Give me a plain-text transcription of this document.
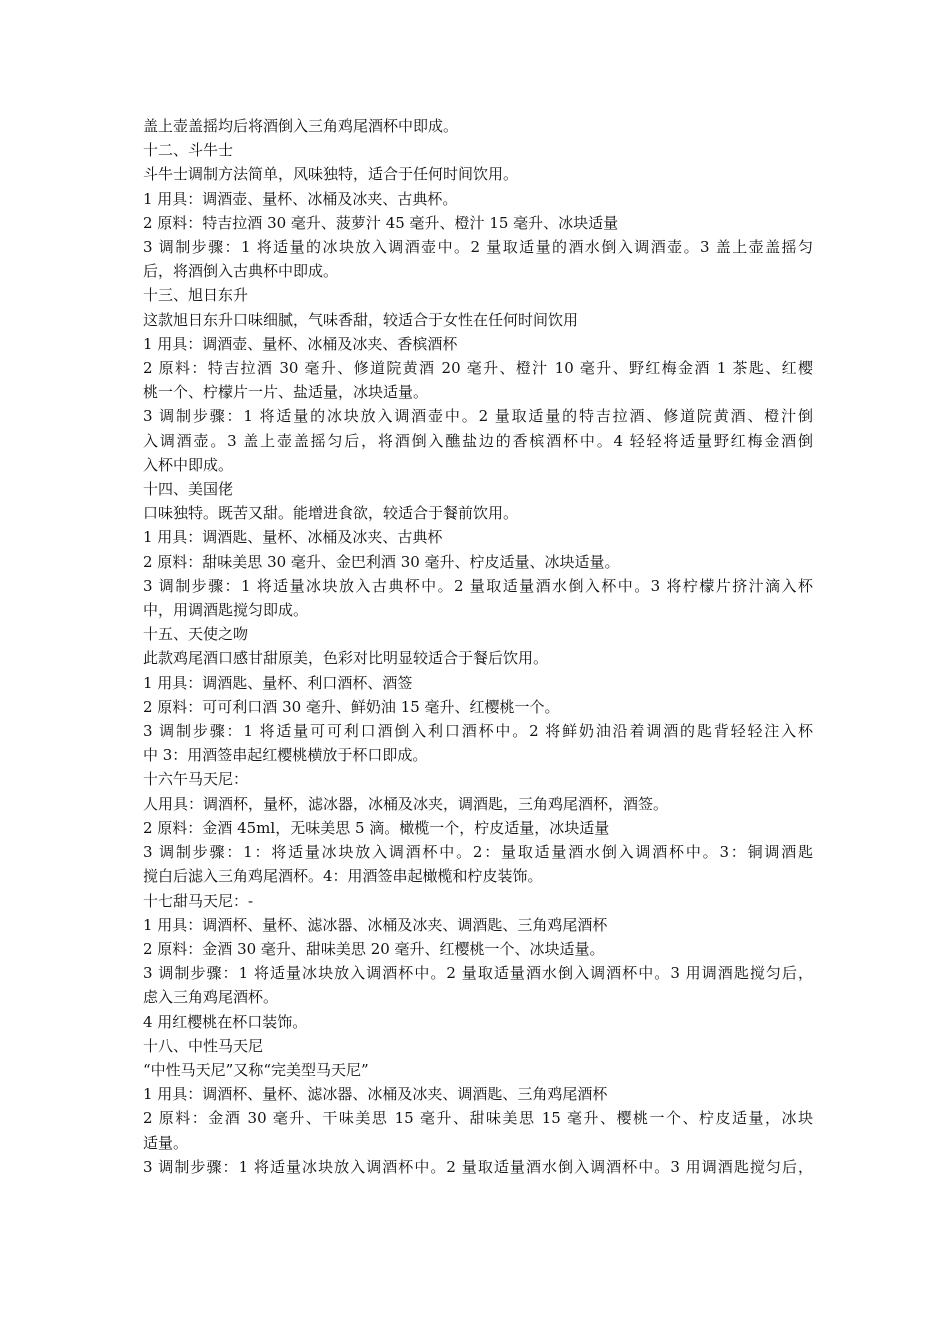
盖上壶盖摇均后将酒倒入三角鸡尾酒杯中即成。
十二、斗牛士
斗牛士调制方法简单，风味独特，适合于任何时间饮用。
1 用具：调酒壶、量杯、冰桶及冰夹、古典杯。
2 原料：特吉拉酒 30 毫升、菠萝汁 45 毫升、橙汁 15 毫升、冰块适量
3 调制步骤：1 将适量的冰块放入调酒壶中。2 量取适量的酒水倒入调酒壶。3 盖上壶盖摇匀
后，将酒倒入古典杯中即成。
十三、旭日东升
这款旭日东升口味细腻，气味香甜，较适合于女性在任何时间饮用
1 用具：调酒壶、量杯、冰桶及冰夹、香槟酒杯
2 原料：特吉拉酒 30 毫升、修道院黄酒 20 毫升、橙汁 10 毫升、野红梅金酒 1 茶匙、红樱
桃一个、柠檬片一片、盐适量，冰块适量。
3 调制步骤：1 将适量的冰块放入调酒壶中。2 量取适量的特吉拉酒、修道院黄酒、橙汁倒
入调酒壶。3 盖上壶盖摇匀后，将酒倒入醮盐边的香槟酒杯中。4 轻轻将适量野红梅金酒倒
入杯中即成。
十四、美国佬
口味独特。既苦又甜。能增进食欲，较适合于餐前饮用。
1 用具：调酒匙、量杯、冰桶及冰夹、古典杯
2 原料：甜味美思 30 毫升、金巴利酒 30 毫升、柠皮适量、冰块适量。
3 调制步骤：1 将适量冰块放入古典杯中。2 量取适量酒水倒入杯中。3 将柠檬片挤汁滴入杯
中，用调酒匙搅匀即成。
十五、天使之吻
此款鸡尾酒口感甘甜原美，色彩对比明显较适合于餐后饮用。
1 用具：调酒匙、量杯、利口酒杯、酒签
2 原料：可可利口酒 30 毫升、鲜奶油 15 毫升、红樱桃一个。
3 调制步骤：1 将适量可可利口酒倒入利口酒杯中。2 将鲜奶油沿着调酒的匙背轻轻注入杯
中 3：用酒签串起红樱桃横放于杯口即成。
十六午马天尼：
人用具：调酒杯，量杯，滤冰器，冰桶及冰夹，调酒匙，三角鸡尾酒杯，酒签。
2 原料：金酒 45ml，无味美思 5 滴。橄榄一个，柠皮适量，冰块适量
3 调制步骤：1：将适量冰块放入调酒杯中。2：量取适量酒水倒入调酒杯中。3：铜调酒匙
搅白后滤入三角鸡尾酒杯。4：用酒签串起橄榄和柠皮装饰。
十七甜马天尼：-
1 用具：调酒杯、量杯、滤冰器、冰桶及冰夹、调酒匙、三角鸡尾酒杯
2 原料：金酒 30 毫升、甜味美思 20 毫升、红樱桃一个、冰块适量。
3 调制步骤：1 将适量冰块放入调酒杯中。2 量取适量酒水倒入调酒杯中。3 用调酒匙搅匀后，
虑入三角鸡尾酒杯。
4 用红樱桃在杯口装饰。
十八、中性马天尼
“中性马天尼”又称“完美型马天尼”
1 用具：调酒杯、量杯、滤冰器、冰桶及冰夹、调酒匙、三角鸡尾酒杯
2 原料：金酒 30 毫升、干味美思 15 毫升、甜味美思 15 毫升、樱桃一个、柠皮适量，冰块
适量。
3 调制步骤：1 将适量冰块放入调酒杯中。2 量取适量酒水倒入调酒杯中。3 用调酒匙搅匀后，
